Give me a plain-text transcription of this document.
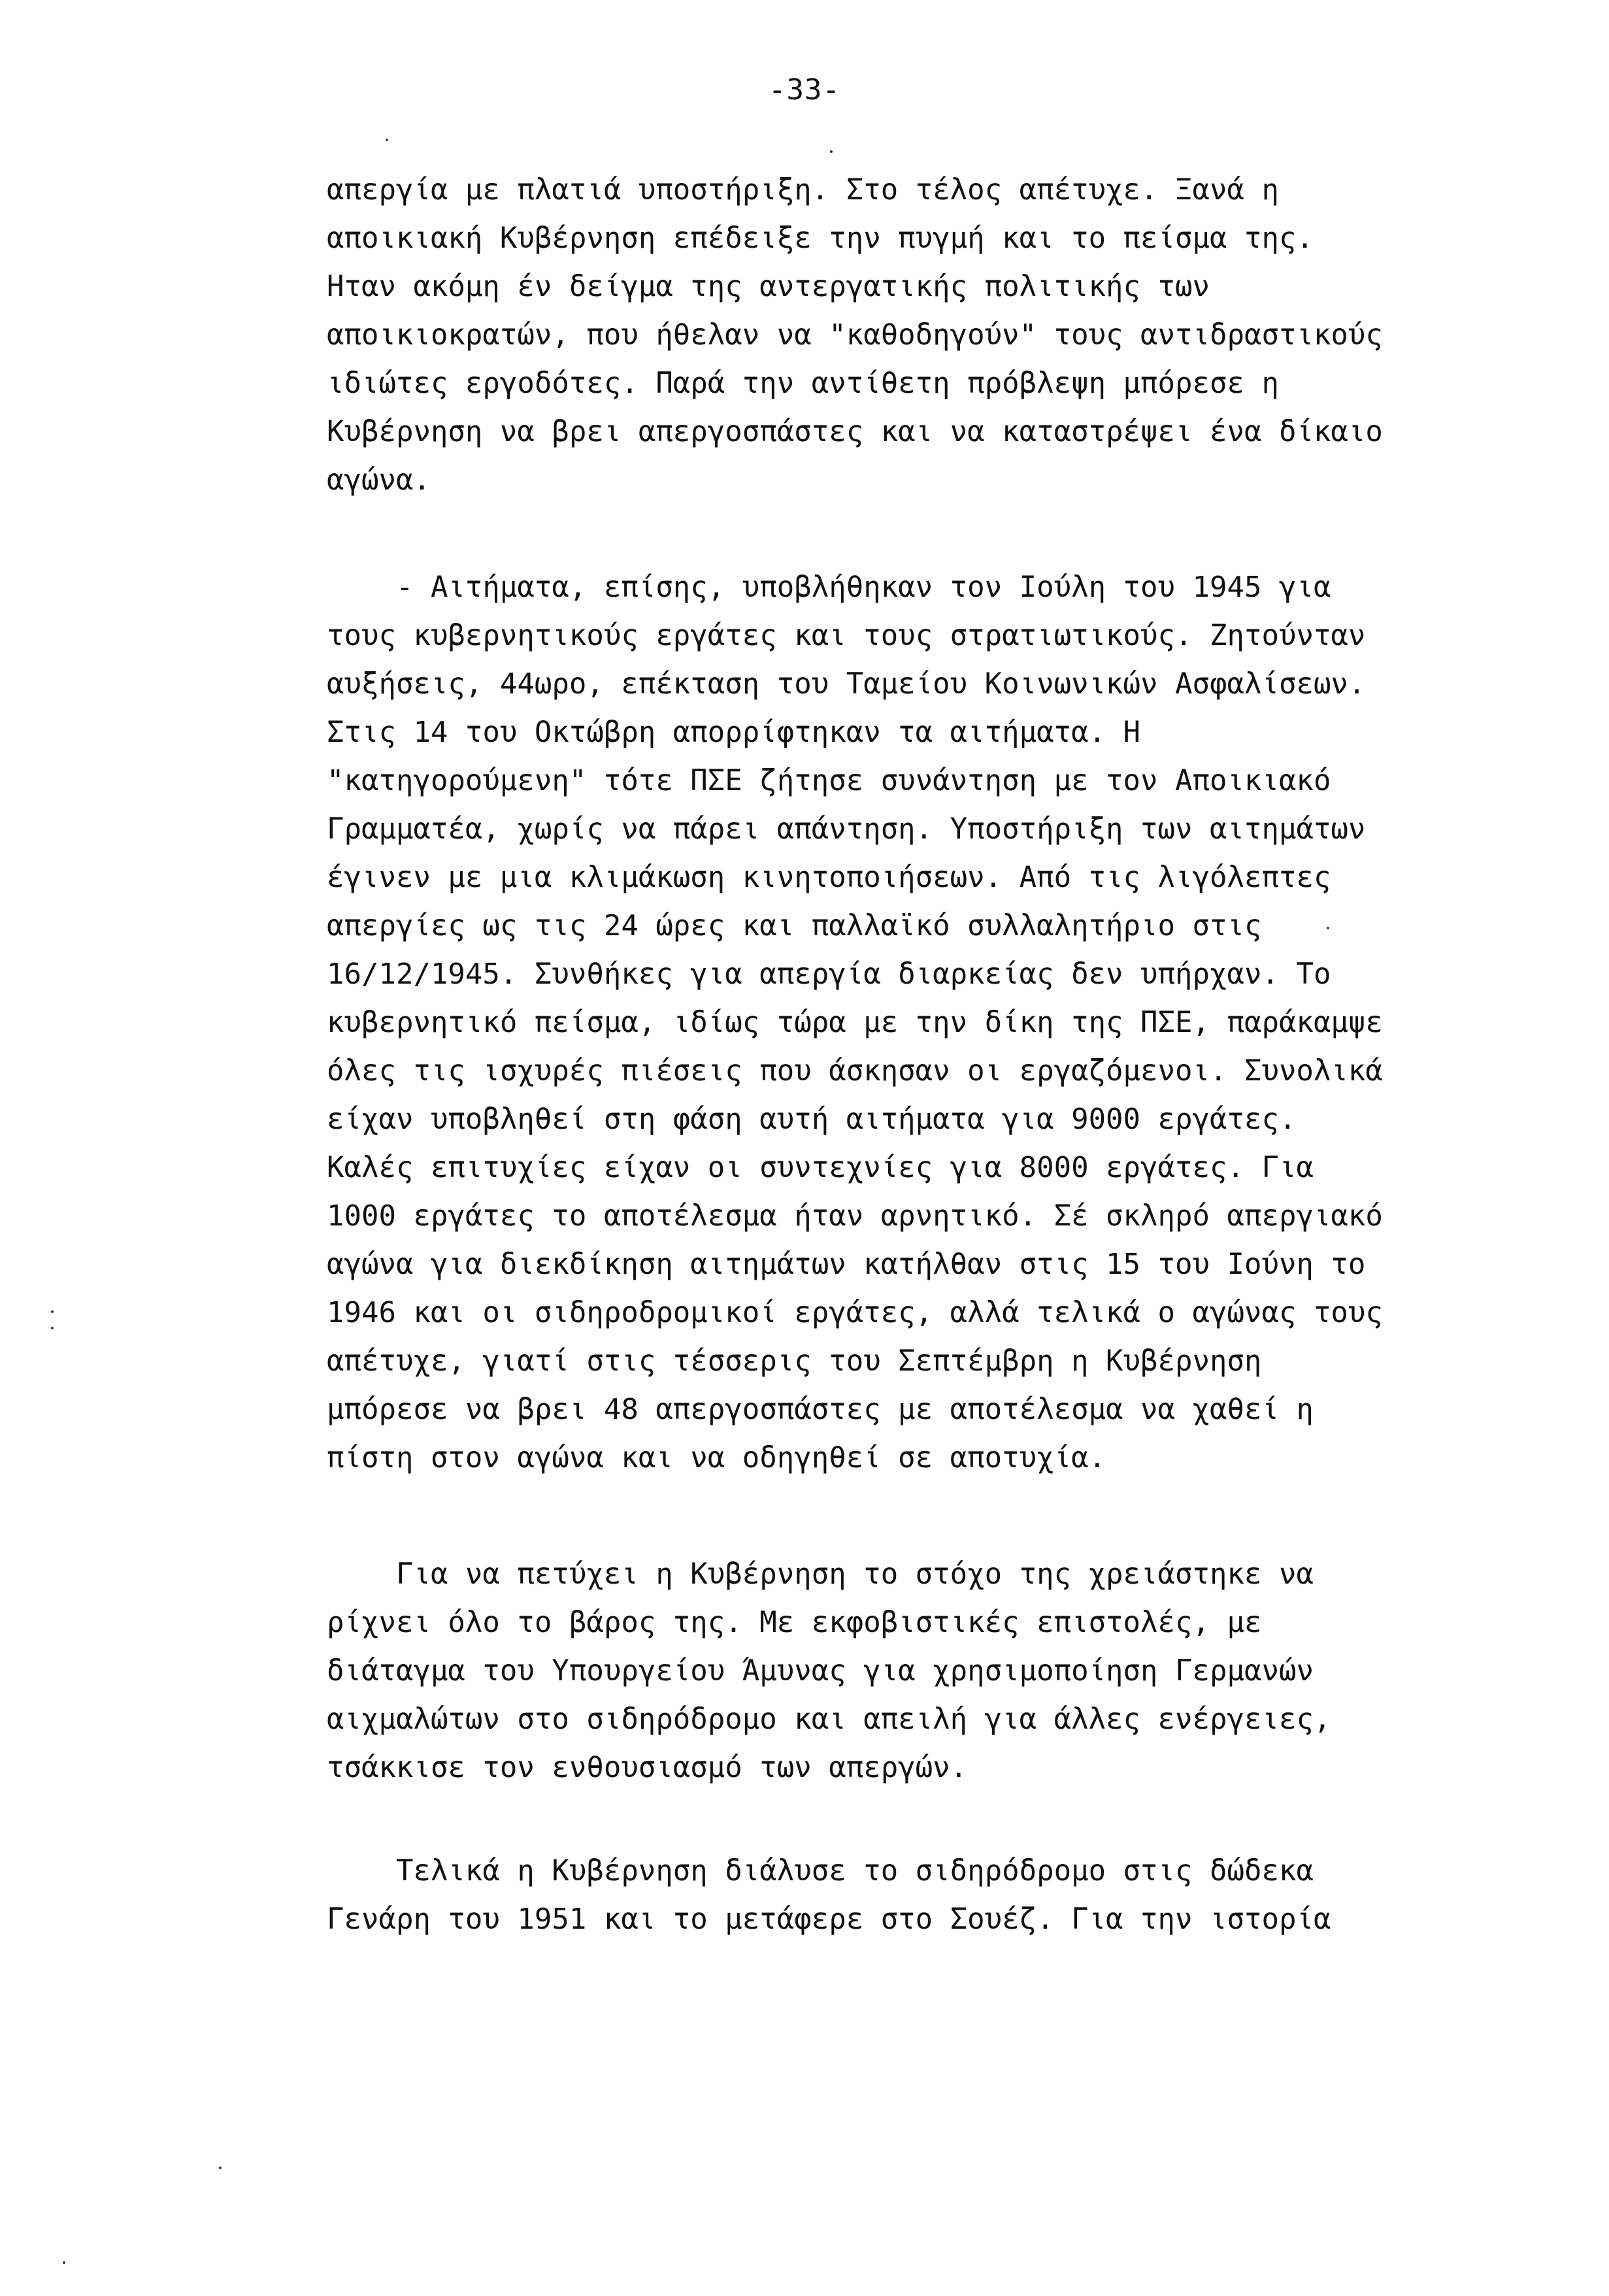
-33-
απεργία με πλατιά υποστήριξη. Στο τέλος απέτυχε. Ξανά η
αποικιακή Κυβέρνηση επέδειξε την πυγμή και το πείσμα της.
Ηταν ακόμη έν δείγμα της αντεργατικής πολιτικής των
αποικιοκρατών, που ήθελαν να "καθοδηγούν" τους αντιδραστικούς
ιδιώτες εργοδότες. Παρά την αντίθετη πρόβλεψη μπόρεσε η
Κυβέρνηση να βρει απεργοσπάστες και να καταστρέψει ένα δίκαιο
αγώνα.
- Αιτήματα, επίσης, υποβλήθηκαν τον Ιούλη του 1945 για
τους κυβερνητικούς εργάτες και τους στρατιωτικούς. Ζητούνταν
αυξήσεις, 44ωρο, επέκταση του Ταμείου Κοινωνικών Ασφαλίσεων.
Στις 14 του Οκτώβρη απορρίφτηκαν τα αιτήματα. Η
"κατηγορούμενη" τότε ΠΣΕ ζήτησε συνάντηση με τον Αποικιακό
Γραμματέα, χωρίς να πάρει απάντηση. Υποστήριξη των αιτημάτων
έγινεν με μια κλιμάκωση κινητοποιήσεων. Από τις λιγόλεπτες
απεργίες ως τις 24 ώρες και παλλαϊκό συλλαλητήριο στις
16/12/1945. Συνθήκες για απεργία διαρκείας δεν υπήρχαν. Το
κυβερνητικό πείσμα, ιδίως τώρα με την δίκη της ΠΣΕ, παράκαμψε
όλες τις ισχυρές πιέσεις που άσκησαν οι εργαζόμενοι. Συνολικά
είχαν υποβληθεί στη φάση αυτή αιτήματα για 9000 εργάτες.
Καλές επιτυχίες είχαν οι συντεχνίες για 8000 εργάτες. Για
1000 εργάτες το αποτέλεσμα ήταν αρνητικό. Σέ σκληρό απεργιακό
αγώνα για διεκδίκηση αιτημάτων κατήλθαν στις 15 του Ιούνη το
1946 και οι σιδηροδρομικοί εργάτες, αλλά τελικά ο αγώνας τους
απέτυχε, γιατί στις τέσσερις του Σεπτέμβρη η Κυβέρνηση
μπόρεσε να βρει 48 απεργοσπάστες με αποτέλεσμα να χαθεί η
πίστη στον αγώνα και να οδηγηθεί σε αποτυχία.
Για να πετύχει η Κυβέρνηση το στόχο της χρειάστηκε να
ρίχνει όλο το βάρος της. Με εκφοβιστικές επιστολές, με
διάταγμα του Υπουργείου Άμυνας για χρησιμοποίηση Γερμανών
αιχμαλώτων στο σιδηρόδρομο και απειλή για άλλες ενέργειες,
τσάκκισε τον ενθουσιασμό των απεργών.
Τελικά η Κυβέρνηση διάλυσε το σιδηρόδρομο στις δώδεκα
Γενάρη του 1951 και το μετάφερε στο Σουέζ. Για την ιστορία
